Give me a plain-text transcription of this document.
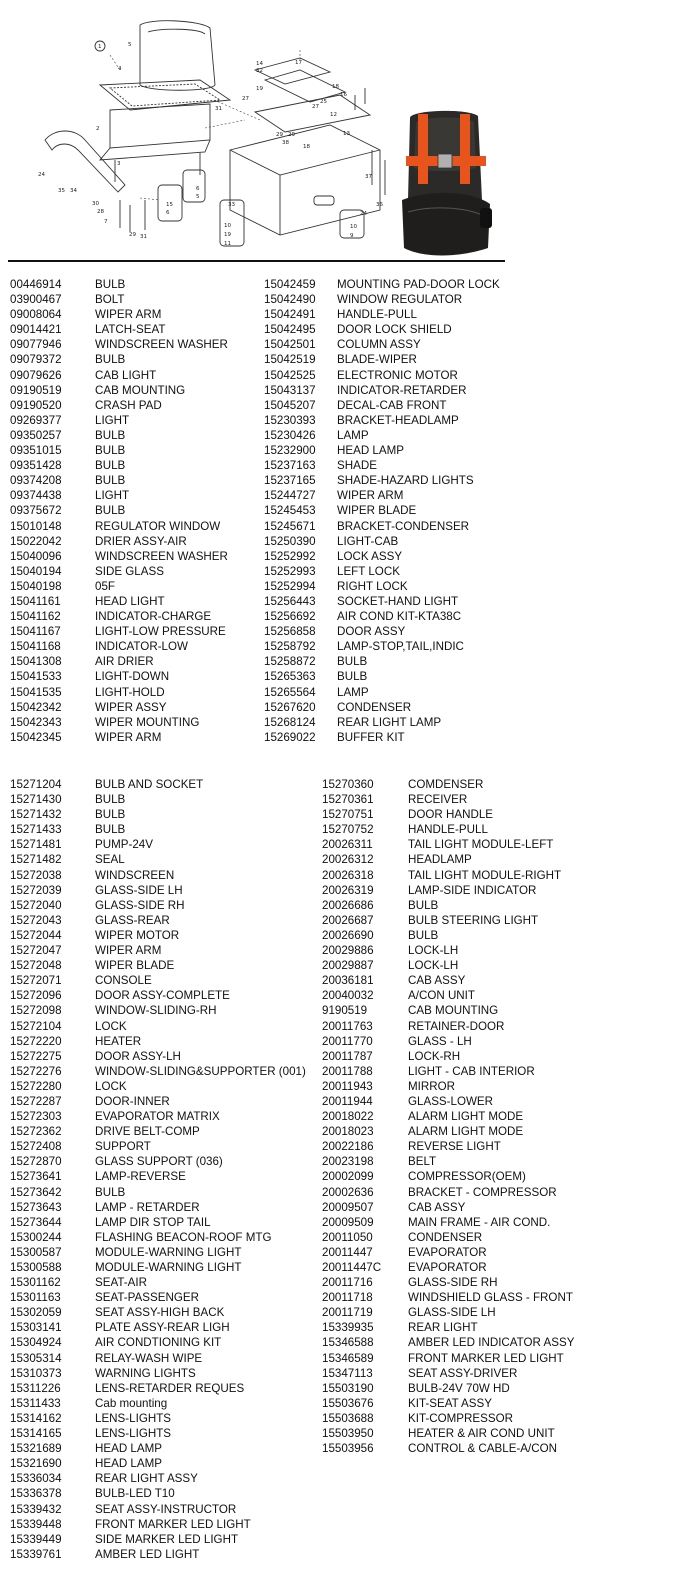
1	5
4
2
3
24
35 34
30
28
7
29 31
15
6
6
5
33
10
19
11
14
32
17
19	18
16
31
27
29 29
38
12
13
27
25
18
37
36
24
10
9
00446914	BULB
03900467	BOLT
09008064	WIPER ARM
09014421	LATCH-SEAT
09077946	WINDSCREEN WASHER
09079372	BULB
09079626	CAB LIGHT
09190519	CAB MOUNTING
09190520	CRASH PAD
09269377	LIGHT
09350257	BULB
09351015	BULB
09351428	BULB
09374208	BULB
09374438	LIGHT
09375672	BULB
15010148	REGULATOR WINDOW
15022042	DRIER ASSY-AIR
15040096	WINDSCREEN WASHER
15040194	SIDE GLASS
15040198	05F
15041161	HEAD LIGHT
15041162	INDICATOR-CHARGE
15041167	LIGHT-LOW PRESSURE
15041168	INDICATOR-LOW
15041308	AIR DRIER
15041533	LIGHT-DOWN
15041535	LIGHT-HOLD
15042342	WIPER ASSY
15042343	WIPER MOUNTING
15042345	WIPER ARM
15042459 MOUNTING PAD-DOOR LOCK
15042490 WINDOW REGULATOR
15042491 HANDLE-PULL
15042495 DOOR LOCK SHIELD
15042501 COLUMN ASSY
15042519 BLADE-WIPER
15042525 ELECTRONIC MOTOR
15043137 INDICATOR-RETARDER
15045207 DECAL-CAB FRONT
15230393 BRACKET-HEADLAMP
15230426 LAMP
15232900 HEAD LAMP
15237163 SHADE
15237165 SHADE-HAZARD LIGHTS
15244727 WIPER ARM
15245453 WIPER BLADE
15245671 BRACKET-CONDENSER
15250390 LIGHT-CAB
15252992 LOCK ASSY
15252993 LEFT LOCK
15252994 RIGHT LOCK
15256443 SOCKET-HAND LIGHT
15256692 AIR COND KIT-KTA38C
15256858 DOOR ASSY
15258792 LAMP-STOP,TAIL,INDIC
15258872 BULB
15265363 BULB
15265564 LAMP
15267620 CONDENSER
15268124 REAR LIGHT LAMP
15269022 BUFFER KIT
15271204	BULB AND SOCKET
15271430	BULB
15271432	BULB
15271433	BULB
15271481	PUMP-24V
15271482	SEAL
15272038	WINDSCREEN
15272039	GLASS-SIDE LH
15272040	GLASS-SIDE RH
15272043	GLASS-REAR
15272044	WIPER MOTOR
15272047	WIPER ARM
15272048	WIPER BLADE
15272071	CONSOLE
15272096	DOOR ASSY-COMPLETE
15272098	WINDOW-SLIDING-RH
15272104	LOCK
15272220	HEATER
15272275	DOOR ASSY-LH
15272276	WINDOW-SLIDING&SUPPORTER (001)
15272280	LOCK
15272287	DOOR-INNER
15272303	EVAPORATOR MATRIX
15272362	DRIVE BELT-COMP
15272408	SUPPORT
15272870	GLASS SUPPORT (036)
15273641	LAMP-REVERSE
15273642	BULB
15273643	LAMP - RETARDER
15273644	LAMP DIR STOP TAIL
15300244	FLASHING BEACON-ROOF MTG
15300587	MODULE-WARNING LIGHT
15300588	MODULE-WARNING LIGHT
15301162	SEAT-AIR
15301163	SEAT-PASSENGER
15302059	SEAT ASSY-HIGH BACK
15303141	PLATE ASSY-REAR LIGH
15304924	AIR CONDTIONING KIT
15305314	RELAY-WASH WIPE
15310373	WARNING LIGHTS
15311226	LENS-RETARDER REQUES
15311433	Cab mounting
15314162	LENS-LIGHTS
15314165	LENS-LIGHTS
15321689	HEAD LAMP
15321690	HEAD LAMP
15336034	REAR LIGHT ASSY
15336378	BULB-LED T10
15339432	SEAT ASSY-INSTRUCTOR
15339448	FRONT MARKER LED LIGHT
15339449	SIDE MARKER LED LIGHT
15339761	AMBER LED LIGHT
15270360	COMDENSER
15270361	RECEIVER
15270751	DOOR HANDLE
15270752	HANDLE-PULL
20026311	TAIL LIGHT MODULE-LEFT
20026312	HEADLAMP
20026318	TAIL LIGHT MODULE-RIGHT
20026319	LAMP-SIDE INDICATOR
20026686	BULB
20026687	BULB STEERING LIGHT
20026690	BULB
20029886	LOCK-LH
20029887	LOCK-LH
20036181	CAB ASSY
20040032	A/CON UNIT
9190519	CAB MOUNTING
20011763	RETAINER-DOOR
20011770	GLASS - LH
20011787	LOCK-RH
20011788	LIGHT - CAB INTERIOR
20011943	MIRROR
20011944	GLASS-LOWER
20018022	ALARM LIGHT MODE
20018023	ALARM LIGHT MODE
20022186	REVERSE LIGHT
20023198	BELT
20002099	COMPRESSOR(OEM)
20002636	BRACKET - COMPRESSOR
20009507	CAB ASSY
20009509	MAIN FRAME - AIR COND.
20011050	CONDENSER
20011447	EVAPORATOR
20011447C EVAPORATOR
20011716	GLASS-SIDE RH
20011718	WINDSHIELD GLASS - FRONT
20011719	GLASS-SIDE LH
15339935	REAR LIGHT
15346588	AMBER LED INDICATOR ASSY
15346589	FRONT MARKER LED LIGHT
15347113	SEAT ASSY-DRIVER
15503190	BULB-24V 70W HD
15503676	KIT-SEAT ASSY
15503688	KIT-COMPRESSOR
15503950	HEATER & AIR COND UNIT
15503956	CONTROL & CABLE-A/CON
